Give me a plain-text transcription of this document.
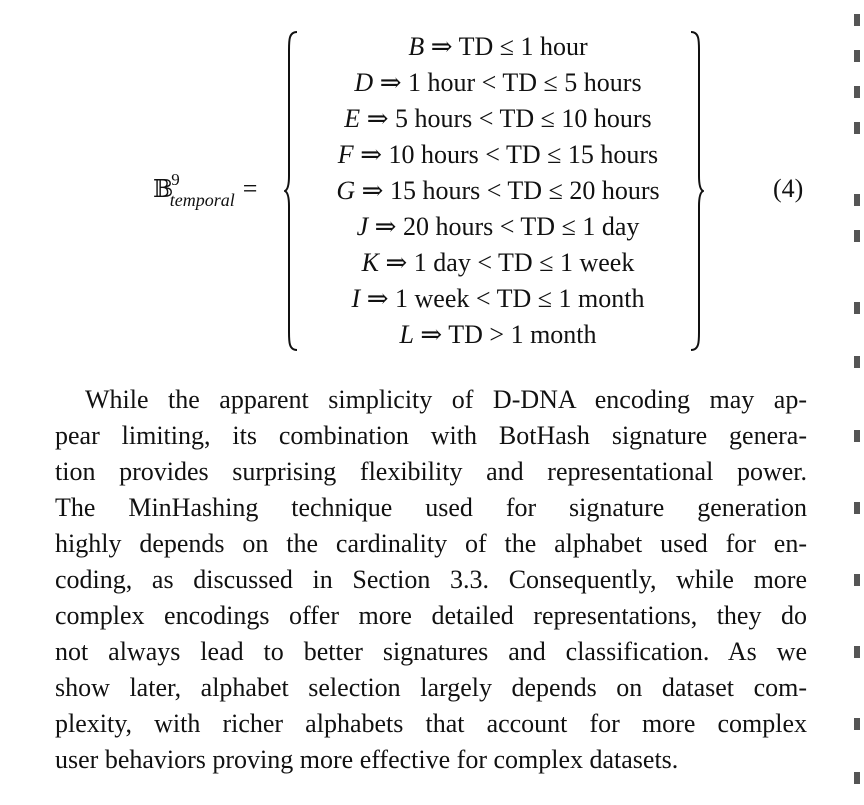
𝔹$^9_{temporal}$ =
B ⇒ TD ≤ 1 hour
D ⇒ 1 hour < TD ≤ 5 hours
E ⇒ 5 hours < TD ≤ 10 hours
F ⇒ 10 hours < TD ≤ 15 hours
G ⇒ 15 hours < TD ≤ 20 hours
J ⇒ 20 hours < TD ≤ 1 day
K ⇒ 1 day < TD ≤ 1 week
I ⇒ 1 week < TD ≤ 1 month
L ⇒ TD > 1 month
(4)
While the apparent simplicity of D-DNA encoding may ap-
pear limiting, its combination with BotHash signature genera-
tion provides surprising flexibility and representational power.
The MinHashing technique used for signature generation
highly depends on the cardinality of the alphabet used for en-
coding, as discussed in Section 3.3. Consequently, while more
complex encodings offer more detailed representations, they do
not always lead to better signatures and classification. As we
show later, alphabet selection largely depends on dataset com-
plexity, with richer alphabets that account for more complex
user behaviors proving more effective for complex datasets.
